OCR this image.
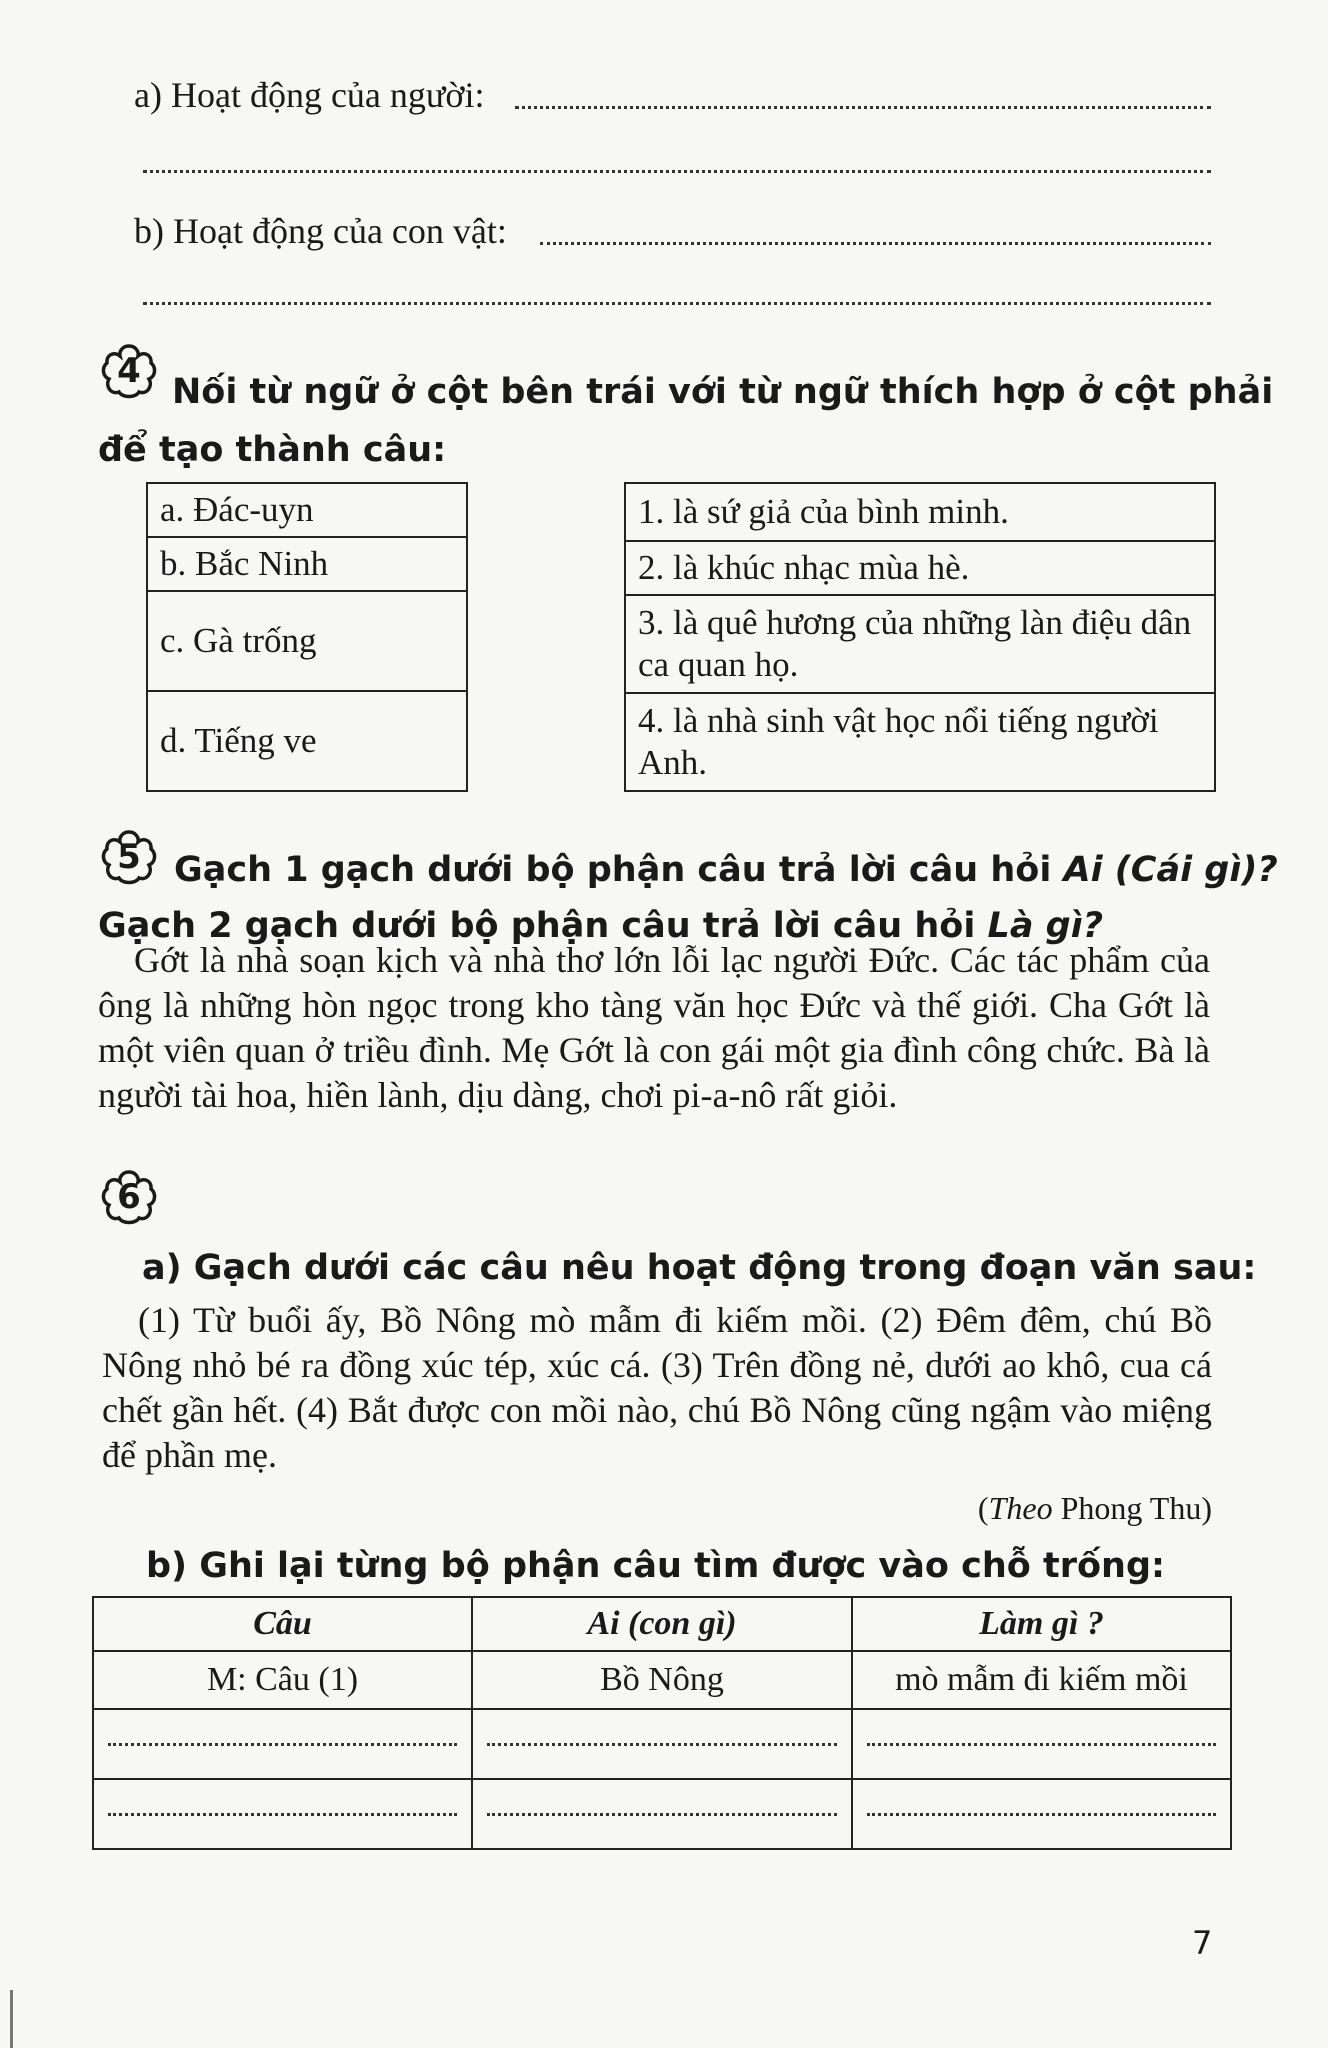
a) Hoạt động của người:
b) Hoạt động của con vật:
4
Nối từ ngữ ở cột bên trái với từ ngữ thích hợp ở cột phải
để tạo thành câu:
a. Đác-uyn
b. Bắc Ninh
c. Gà trống
d. Tiếng ve
1. là sứ giả của bình minh.
2. là khúc nhạc mùa hè.
3. là quê hương của những làn điệu dân ca quan họ.
4. là nhà sinh vật học nổi tiếng người Anh.
5 Gạch 1 gạch dưới bộ phận câu trả lời câu hỏi Ai (Cái gì)?
Gạch 2 gạch dưới bộ phận câu trả lời câu hỏi Là gì?

Gớt là nhà soạn kịch và nhà thơ lớn lỗi lạc người Đức. Các tác phẩm của ông là những hòn ngọc trong kho tàng văn học Đức và thế giới. Cha Gớt là một viên quan ở triều đình. Mẹ Gớt là con gái một gia đình công chức. Bà là người tài hoa, hiền lành, dịu dàng, chơi pi-a-nô rất giỏi.

6
a) Gạch dưới các câu nêu hoạt động trong đoạn văn sau:

(1) Từ buổi ấy, Bồ Nông mò mẫm đi kiếm mồi. (2) Đêm đêm, chú Bồ Nông nhỏ bé ra đồng xúc tép, xúc cá. (3) Trên đồng nẻ, dưới ao khô, cua cá chết gần hết. (4) Bắt được con mồi nào, chú Bồ Nông cũng ngậm vào miệng để phần mẹ.

(Theo Phong Thu)
b) Ghi lại từng bộ phận câu tìm được vào chỗ trống:
Câu	Ai (con gì)	Làm gì ?
M: Câu (1)	Bồ Nông	mò mẫm đi kiếm mồi

7
